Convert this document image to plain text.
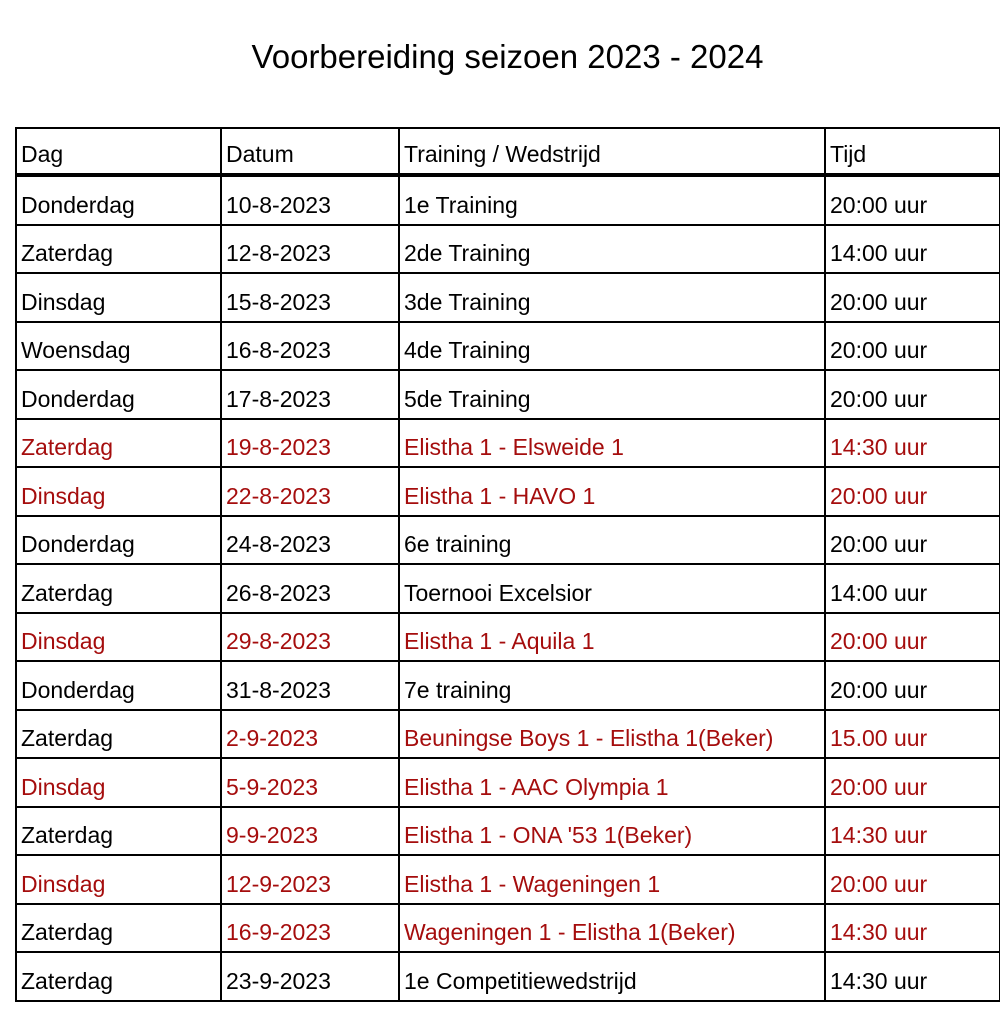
Voorbereiding seizoen 2023 - 2024
Dag	Datum	Training / Wedstrijd	Tijd
Donderdag	10-8-2023	1e Training	20:00 uur
Zaterdag	12-8-2023	2de Training	14:00 uur
Dinsdag	15-8-2023	3de Training	20:00 uur
Woensdag	16-8-2023	4de Training	20:00 uur
Donderdag	17-8-2023	5de Training	20:00 uur
Zaterdag	19-8-2023	Elistha 1 - Elsweide 1	14:30 uur
Dinsdag	22-8-2023	Elistha 1 - HAVO 1	20:00 uur
Donderdag	24-8-2023	6e training	20:00 uur
Zaterdag	26-8-2023	Toernooi Excelsior	14:00 uur
Dinsdag	29-8-2023	Elistha 1 - Aquila 1	20:00 uur
Donderdag	31-8-2023	7e training	20:00 uur
Zaterdag	2-9-2023	Beuningse Boys 1 - Elistha 1(Beker)	15.00 uur
Dinsdag	5-9-2023	Elistha 1 - AAC Olympia 1	20:00 uur
Zaterdag	9-9-2023	Elistha 1 - ONA '53 1(Beker)	14:30 uur
Dinsdag	12-9-2023	Elistha 1 - Wageningen 1	20:00 uur
Zaterdag	16-9-2023	Wageningen 1 - Elistha 1(Beker)	14:30 uur
Zaterdag	23-9-2023	1e Competitiewedstrijd	14:30 uur
